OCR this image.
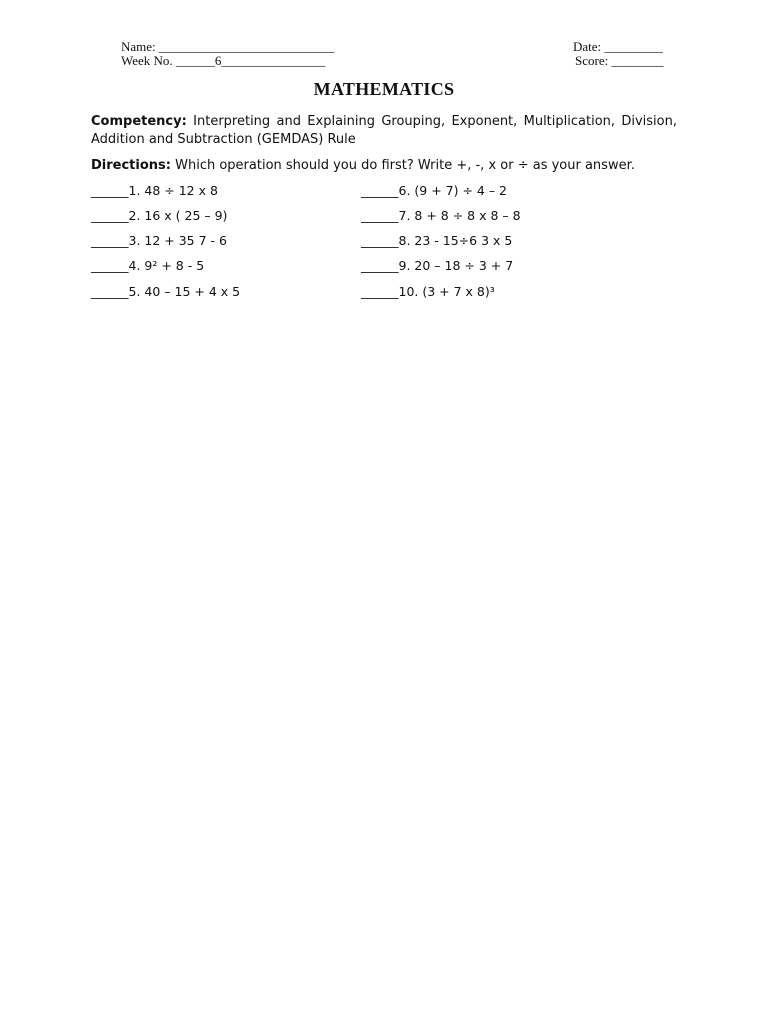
Name: ___________________________
Week No. ______6________________
Date: _________
Score: ________
MATHEMATICS
Competency: Interpreting and Explaining Grouping, Exponent, Multiplication, Division, Addition and Subtraction (GEMDAS) Rule
Directions: Which operation should you do first? Write +, -, x or ÷ as your answer.
______1. 48 ÷ 12 x 8
______2. 16 x ( 25 – 9)
______3. 12 + 35 7 - 6
______4. 9² + 8 - 5
______5. 40 – 15 + 4 x 5
______6. (9 + 7) ÷ 4 – 2
______7. 8 + 8 ÷ 8 x 8 – 8
______8. 23 - 15÷6 3 x 5
______9. 20 – 18 ÷ 3 + 7
______10. (3 + 7 x 8)³
